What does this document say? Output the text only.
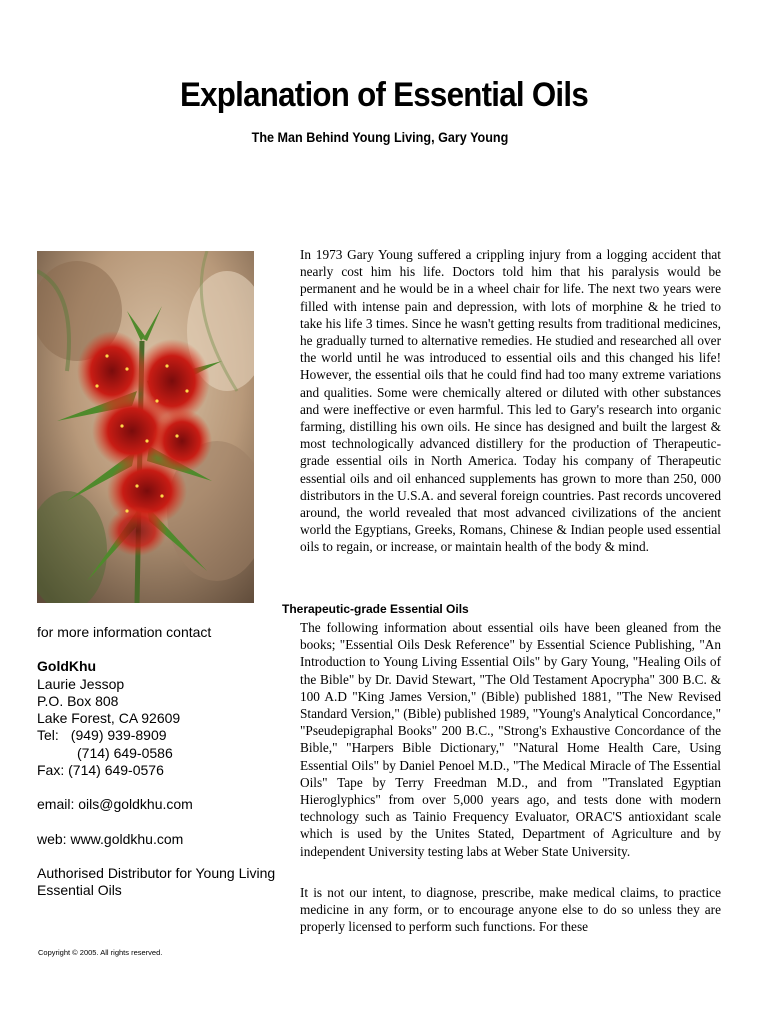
Explanation of Essential Oils
The Man Behind Young Living, Gary Young
for more information contact
GoldKhu
Laurie Jessop
P.O. Box 808
Lake Forest, CA 92609
Tel: (949) 939-8909
(714) 649-0586
Fax: (714) 649-0576
email: oils@goldkhu.com
web: www.goldkhu.com
Authorised Distributor for Young Living Essential Oils
Copyright © 2005. All rights reserved.
In 1973 Gary Young suffered a crippling injury from a logging accident that nearly cost him his life. Doctors told him that his paralysis would be permanent and he would be in a wheel chair for life. The next two years were filled with intense pain and depression, with lots of morphine & he tried to take his life 3 times. Since he wasn't getting results from traditional medicines, he gradually turned to alternative remedies. He studied and researched all over the world until he was introduced to essential oils and this changed his life! However, the essential oils that he could find had too many extreme variations and qualities. Some were chemically altered or diluted with other substances and were ineffective or even harmful. This led to Gary's research into organic farming, distilling his own oils. He since has designed and built the largest & most technologically advanced distillery for the production of Therapeutic-grade essential oils in North America. Today his company of Therapeutic essential oils and oil enhanced supplements has grown to more than 250, 000 distributors in the U.S.A. and several foreign countries. Past records uncovered around, the world revealed that most advanced civilizations of the ancient world the Egyptians, Greeks, Romans, Chinese & Indian people used essential oils to regain, or increase, or maintain health of the body & mind.
Therapeutic-grade Essential Oils
The following information about essential oils have been gleaned from the books; "Essential Oils Desk Reference" by Essential Science Publishing, "An Introduction to Young Living Essential Oils" by Gary Young, "Healing Oils of the Bible" by Dr. David Stewart, "The Old Testament Apocrypha" 300 B.C. & 100 A.D "King James Version," (Bible) published 1881, "The New Revised Standard Version," (Bible) published 1989, "Young's Analytical Concordance," "Pseudepigraphal Books" 200 B.C., "Strong's Exhaustive Concordance of the Bible," "Harpers Bible Dictionary," "Natural Home Health Care, Using Essential Oils" by Daniel Penoel M.D., "The Medical Miracle of The Essential Oils" Tape by Terry Freedman M.D., and from "Translated Egyptian Hieroglyphics" from over 5,000 years ago, and tests done with modern technology such as Tainio Frequency Evaluator, ORAC'S antioxidant scale which is used by the Unites Stated, Department of Agriculture and by independent University testing labs at Weber State University.
It is not our intent, to diagnose, prescribe, make medical claims, to practice medicine in any form, or to encourage anyone else to do so unless they are properly licensed to perform such functions. For these
